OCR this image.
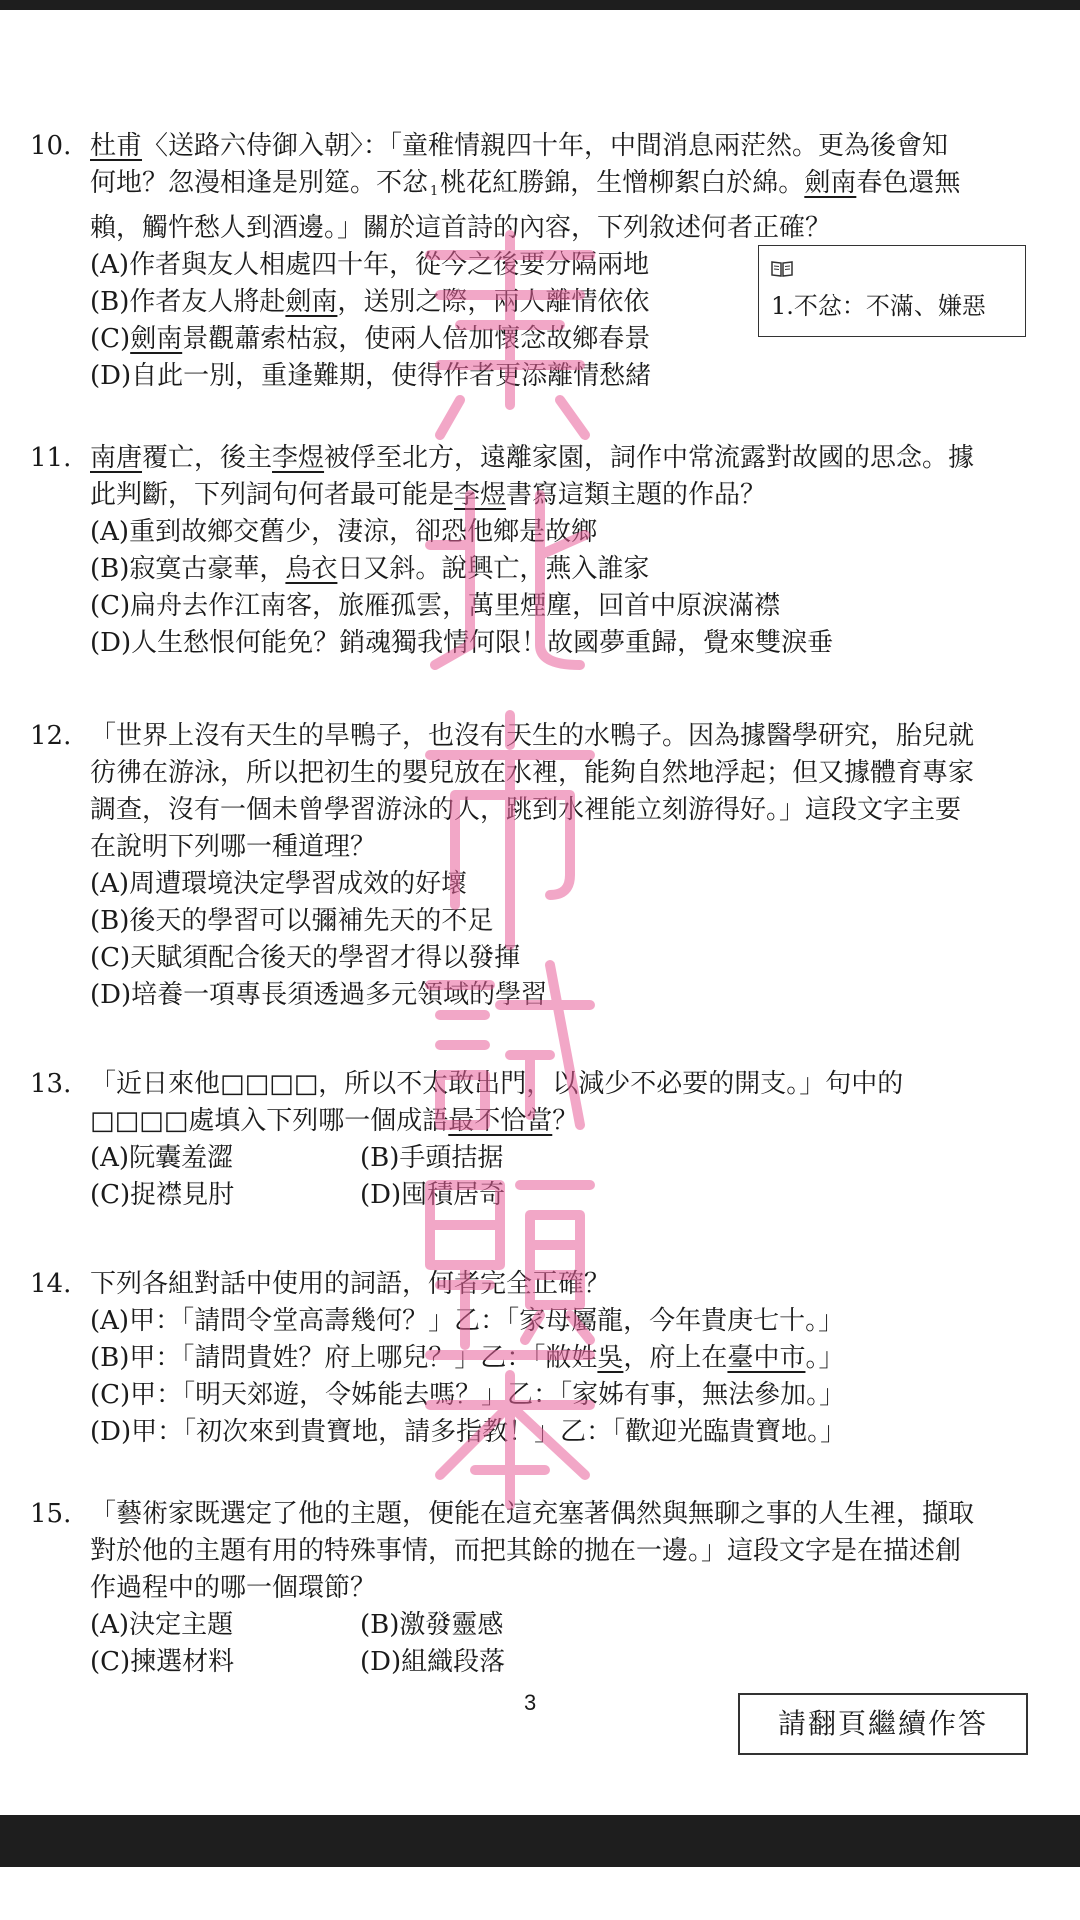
10. 杜甫〈送路六侍御入朝〉：「童稚情親四十年，中間消息兩茫然。更為後會知
何地？忽漫相逢是別筵。不忿 $_1$桃花紅勝錦，生憎柳絮白於綿。劍南春色還無
賴，觸忤愁人到酒邊。」關於這首詩的內容，下列敘述何者正確？
(A)作者與友人相處四十年，從今之後要分隔兩地
(B)作者友人將赴劍南，送別之際，兩人離情依依
(C)劍南景觀蕭索枯寂，使兩人倍加懷念故鄉春景
(D)自此一別，重逢難期，使得作者更添離情愁緒
1.不忿：不滿、嫌惡
11. 南唐覆亡，後主李煜被俘至北方，遠離家園，詞作中常流露對故國的思念。據
此判斷，下列詞句何者最可能是李煜書寫這類主題的作品？
(A)重到故鄉交舊少，淒涼，卻恐他鄉是故鄉
(B)寂寞古豪華，烏衣日又斜。說興亡，燕入誰家
(C)扁舟去作江南客，旅雁孤雲，萬里煙塵，回首中原淚滿襟
(D)人生愁恨何能免？銷魂獨我情何限！故國夢重歸，覺來雙淚垂
12. 「世界上沒有天生的旱鴨子，也沒有天生的水鴨子。因為據醫學研究，胎兒就
彷彿在游泳，所以把初生的嬰兒放在水裡，能夠自然地浮起；但又據體育專家
調查，沒有一個未曾學習游泳的人，跳到水裡能立刻游得好。」這段文字主要
在說明下列哪一種道理？
(A)周遭環境決定學習成效的好壞
(B)後天的學習可以彌補先天的不足
(C)天賦須配合後天的學習才得以發揮
(D)培養一項專長須透過多元領域的學習
13. 「近日來他□□□□，所以不太敢出門，以減少不必要的開支。」句中的
□□□□處填入下列哪一個成語最不恰當？
(A)阮囊羞澀	(B)手頭拮据
(C)捉襟見肘	(D)囤積居奇
14. 下列各組對話中使用的詞語，何者完全正確？
(A)甲：「請問令堂高壽幾何？」乙：「家母屬龍，今年貴庚七十。」
(B)甲：「請問貴姓？府上哪兒？」乙：「敝姓吳，府上在臺中市。」
(C)甲：「明天郊遊，令姊能去嗎？」乙：「家姊有事，無法參加。」
(D)甲：「初次來到貴寶地，請多指教！」乙：「歡迎光臨貴寶地。」
15. 「藝術家既選定了他的主題，便能在這充塞著偶然與無聊之事的人生裡，擷取
對於他的主題有用的特殊事情，而把其餘的拋在一邊。」這段文字是在描述創
作過程中的哪一個環節？
(A)決定主題	(B)激發靈感
(C)揀選材料	(D)組織段落
3
請翻頁繼續作答
